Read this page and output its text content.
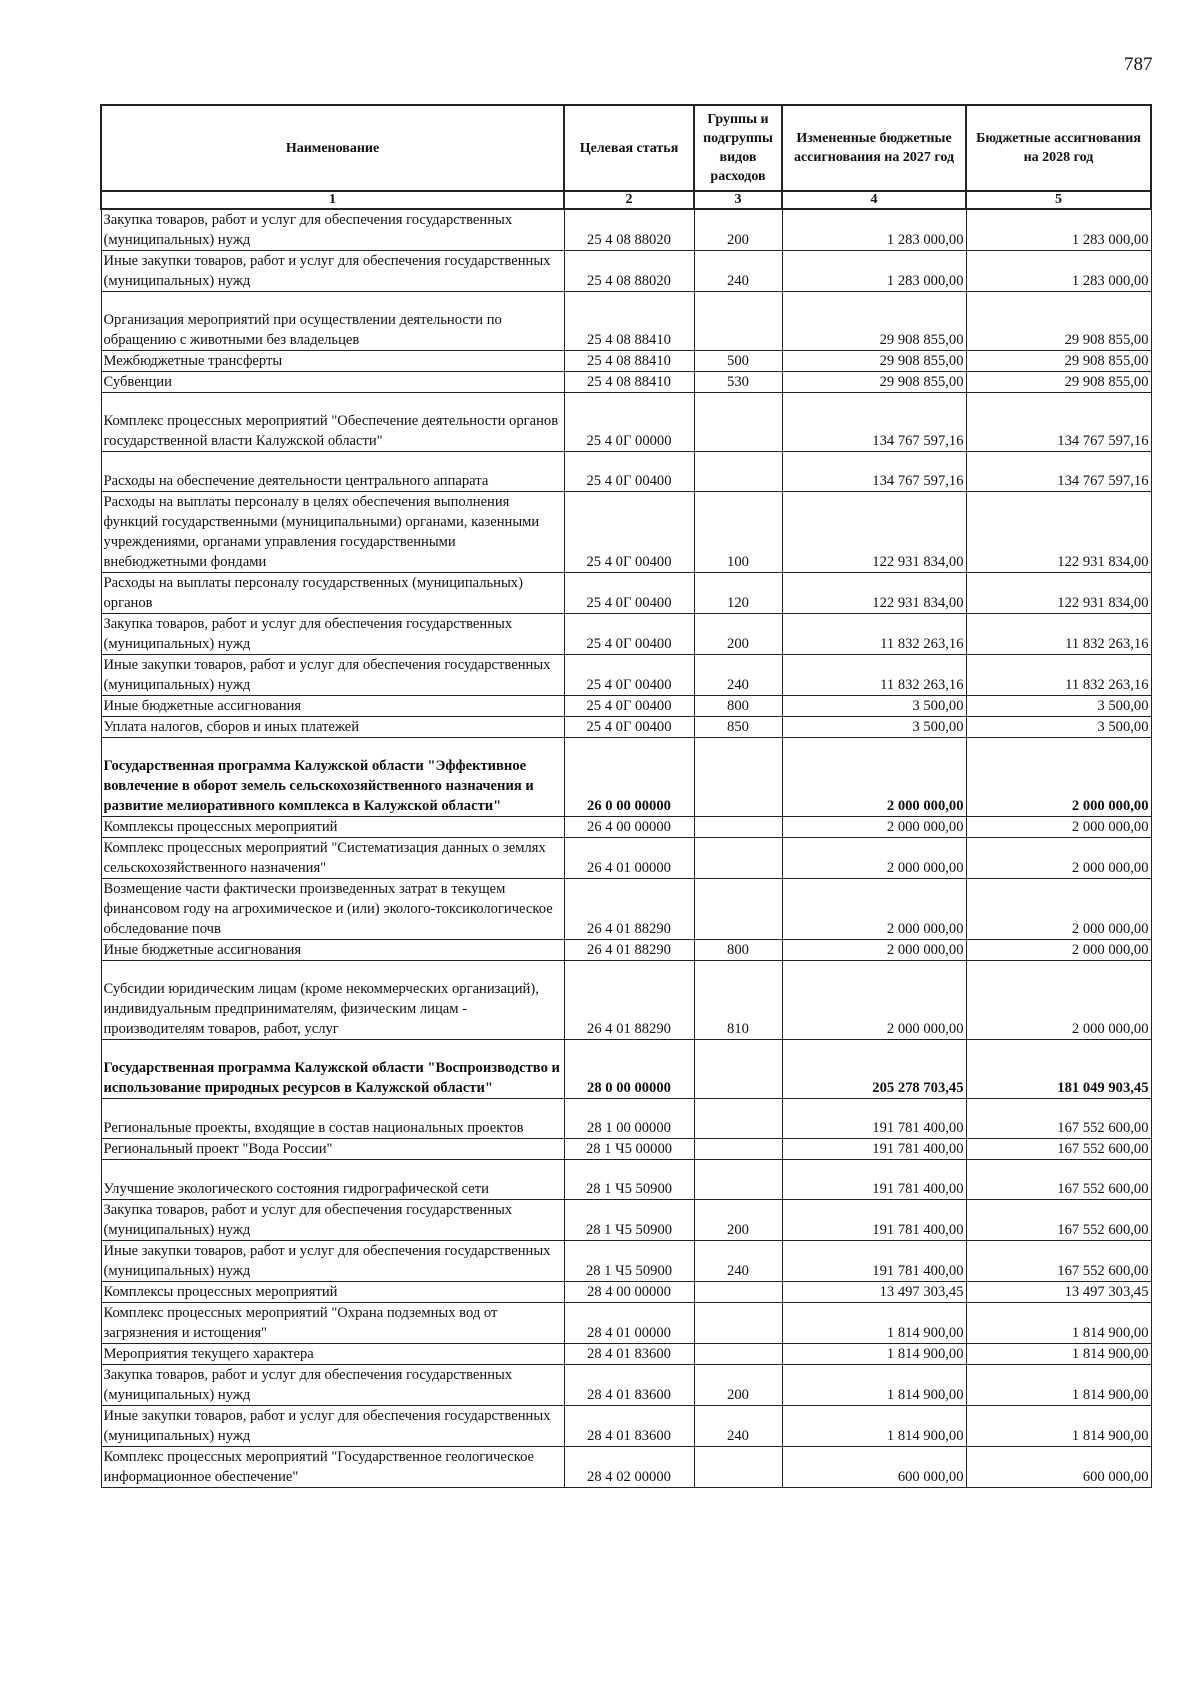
787
Наименование	Целевая статья	Группы и подгруппы видов расходов	Измененные бюджетные ассигнования на 2027 год	Бюджетные ассигнования на 2028 год
1	2	3	4	5
Закупка товаров, работ и услуг для обеспечения государственных (муниципальных) нужд	25 4 08 88020	200	1 283 000,00	1 283 000,00
Иные закупки товаров, работ и услуг для обеспечения государственных (муниципальных) нужд	25 4 08 88020	240	1 283 000,00	1 283 000,00
Организация мероприятий при осуществлении деятельности по обращению с животными без владельцев	25 4 08 88410		29 908 855,00	29 908 855,00
Межбюджетные трансферты	25 4 08 88410	500	29 908 855,00	29 908 855,00
Субвенции	25 4 08 88410	530	29 908 855,00	29 908 855,00
Комплекс процессных мероприятий "Обеспечение деятельности органов государственной власти Калужской области"	25 4 0Г 00000		134 767 597,16	134 767 597,16
Расходы на обеспечение деятельности центрального аппарата	25 4 0Г 00400		134 767 597,16	134 767 597,16
Расходы на выплаты персоналу в целях обеспечения выполнения функций государственными (муниципальными) органами, казенными учреждениями, органами управления государственными внебюджетными фондами	25 4 0Г 00400	100	122 931 834,00	122 931 834,00
Расходы на выплаты персоналу государственных (муниципальных) органов	25 4 0Г 00400	120	122 931 834,00	122 931 834,00
Закупка товаров, работ и услуг для обеспечения государственных (муниципальных) нужд	25 4 0Г 00400	200	11 832 263,16	11 832 263,16
Иные закупки товаров, работ и услуг для обеспечения государственных (муниципальных) нужд	25 4 0Г 00400	240	11 832 263,16	11 832 263,16
Иные бюджетные ассигнования	25 4 0Г 00400	800	3 500,00	3 500,00
Уплата налогов, сборов и иных платежей	25 4 0Г 00400	850	3 500,00	3 500,00
Государственная программа Калужской области "Эффективное вовлечение в оборот земель сельскохозяйственного назначения и развитие мелиоративного комплекса в Калужской области"	26 0 00 00000		2 000 000,00	2 000 000,00
Комплексы процессных мероприятий	26 4 00 00000		2 000 000,00	2 000 000,00
Комплекс процессных мероприятий "Систематизация данных о землях сельскохозяйственного назначения"	26 4 01 00000		2 000 000,00	2 000 000,00
Возмещение части фактически произведенных затрат в текущем финансовом году на агрохимическое и (или) эколого-токсикологическое обследование почв	26 4 01 88290		2 000 000,00	2 000 000,00
Иные бюджетные ассигнования	26 4 01 88290	800	2 000 000,00	2 000 000,00
Субсидии юридическим лицам (кроме некоммерческих организаций), индивидуальным предпринимателям, физическим лицам - производителям товаров, работ, услуг	26 4 01 88290	810	2 000 000,00	2 000 000,00
Государственная программа Калужской области "Воспроизводство и использование природных ресурсов в Калужской области"	28 0 00 00000		205 278 703,45	181 049 903,45
Региональные проекты, входящие в состав национальных проектов	28 1 00 00000		191 781 400,00	167 552 600,00
Региональный проект "Вода России"	28 1 Ч5 00000		191 781 400,00	167 552 600,00
Улучшение экологического состояния гидрографической сети	28 1 Ч5 50900		191 781 400,00	167 552 600,00
Закупка товаров, работ и услуг для обеспечения государственных (муниципальных) нужд	28 1 Ч5 50900	200	191 781 400,00	167 552 600,00
Иные закупки товаров, работ и услуг для обеспечения государственных (муниципальных) нужд	28 1 Ч5 50900	240	191 781 400,00	167 552 600,00
Комплексы процессных мероприятий	28 4 00 00000		13 497 303,45	13 497 303,45
Комплекс процессных мероприятий "Охрана подземных вод от загрязнения и истощения"	28 4 01 00000		1 814 900,00	1 814 900,00
Мероприятия текущего характера	28 4 01 83600		1 814 900,00	1 814 900,00
Закупка товаров, работ и услуг для обеспечения государственных (муниципальных) нужд	28 4 01 83600	200	1 814 900,00	1 814 900,00
Иные закупки товаров, работ и услуг для обеспечения государственных (муниципальных) нужд	28 4 01 83600	240	1 814 900,00	1 814 900,00
Комплекс процессных мероприятий "Государственное геологическое информационное обеспечение"	28 4 02 00000		600 000,00	600 000,00
